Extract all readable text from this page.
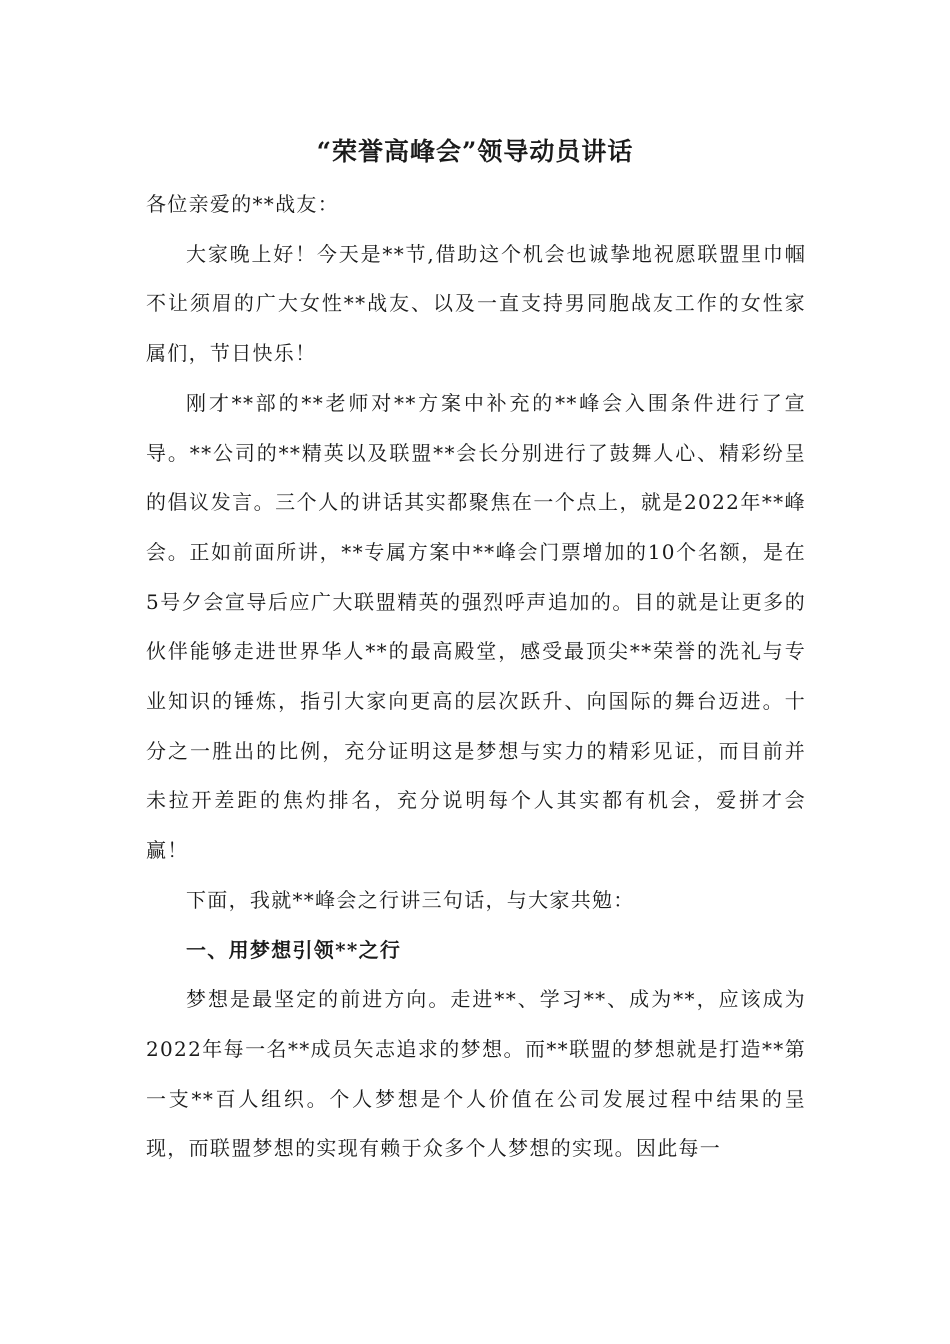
“荣誉高峰会”领导动员讲话

各位亲爱的**战友：

大家晚上好！今天是**节,借助这个机会也诚挚地祝愿联盟里巾帼不让须眉的广大女性**战友、以及一直支持男同胞战友工作的女性家属们，节日快乐！

刚才**部的**老师对**方案中补充的**峰会入围条件进行了宣导。**公司的**精英以及联盟**会长分别进行了鼓舞人心、精彩纷呈的倡议发言。三个人的讲话其实都聚焦在一个点上，就是2022年**峰会。正如前面所讲，**专属方案中**峰会门票增加的10个名额，是在5号夕会宣导后应广大联盟精英的强烈呼声追加的。目的就是让更多的伙伴能够走进世界华人**的最高殿堂，感受最顶尖**荣誉的洗礼与专业知识的锤炼，指引大家向更高的层次跃升、向国际的舞台迈进。十分之一胜出的比例，充分证明这是梦想与实力的精彩见证，而目前并未拉开差距的焦灼排名，充分说明每个人其实都有机会，爱拼才会赢！

下面，我就**峰会之行讲三句话，与大家共勉：

一、用梦想引领**之行

梦想是最坚定的前进方向。走进**、学习**、成为**，应该成为2022年每一名**成员矢志追求的梦想。而**联盟的梦想就是打造**第一支**百人组织。个人梦想是个人价值在公司发展过程中结果的呈现，而联盟梦想的实现有赖于众多个人梦想的实现。因此每一
